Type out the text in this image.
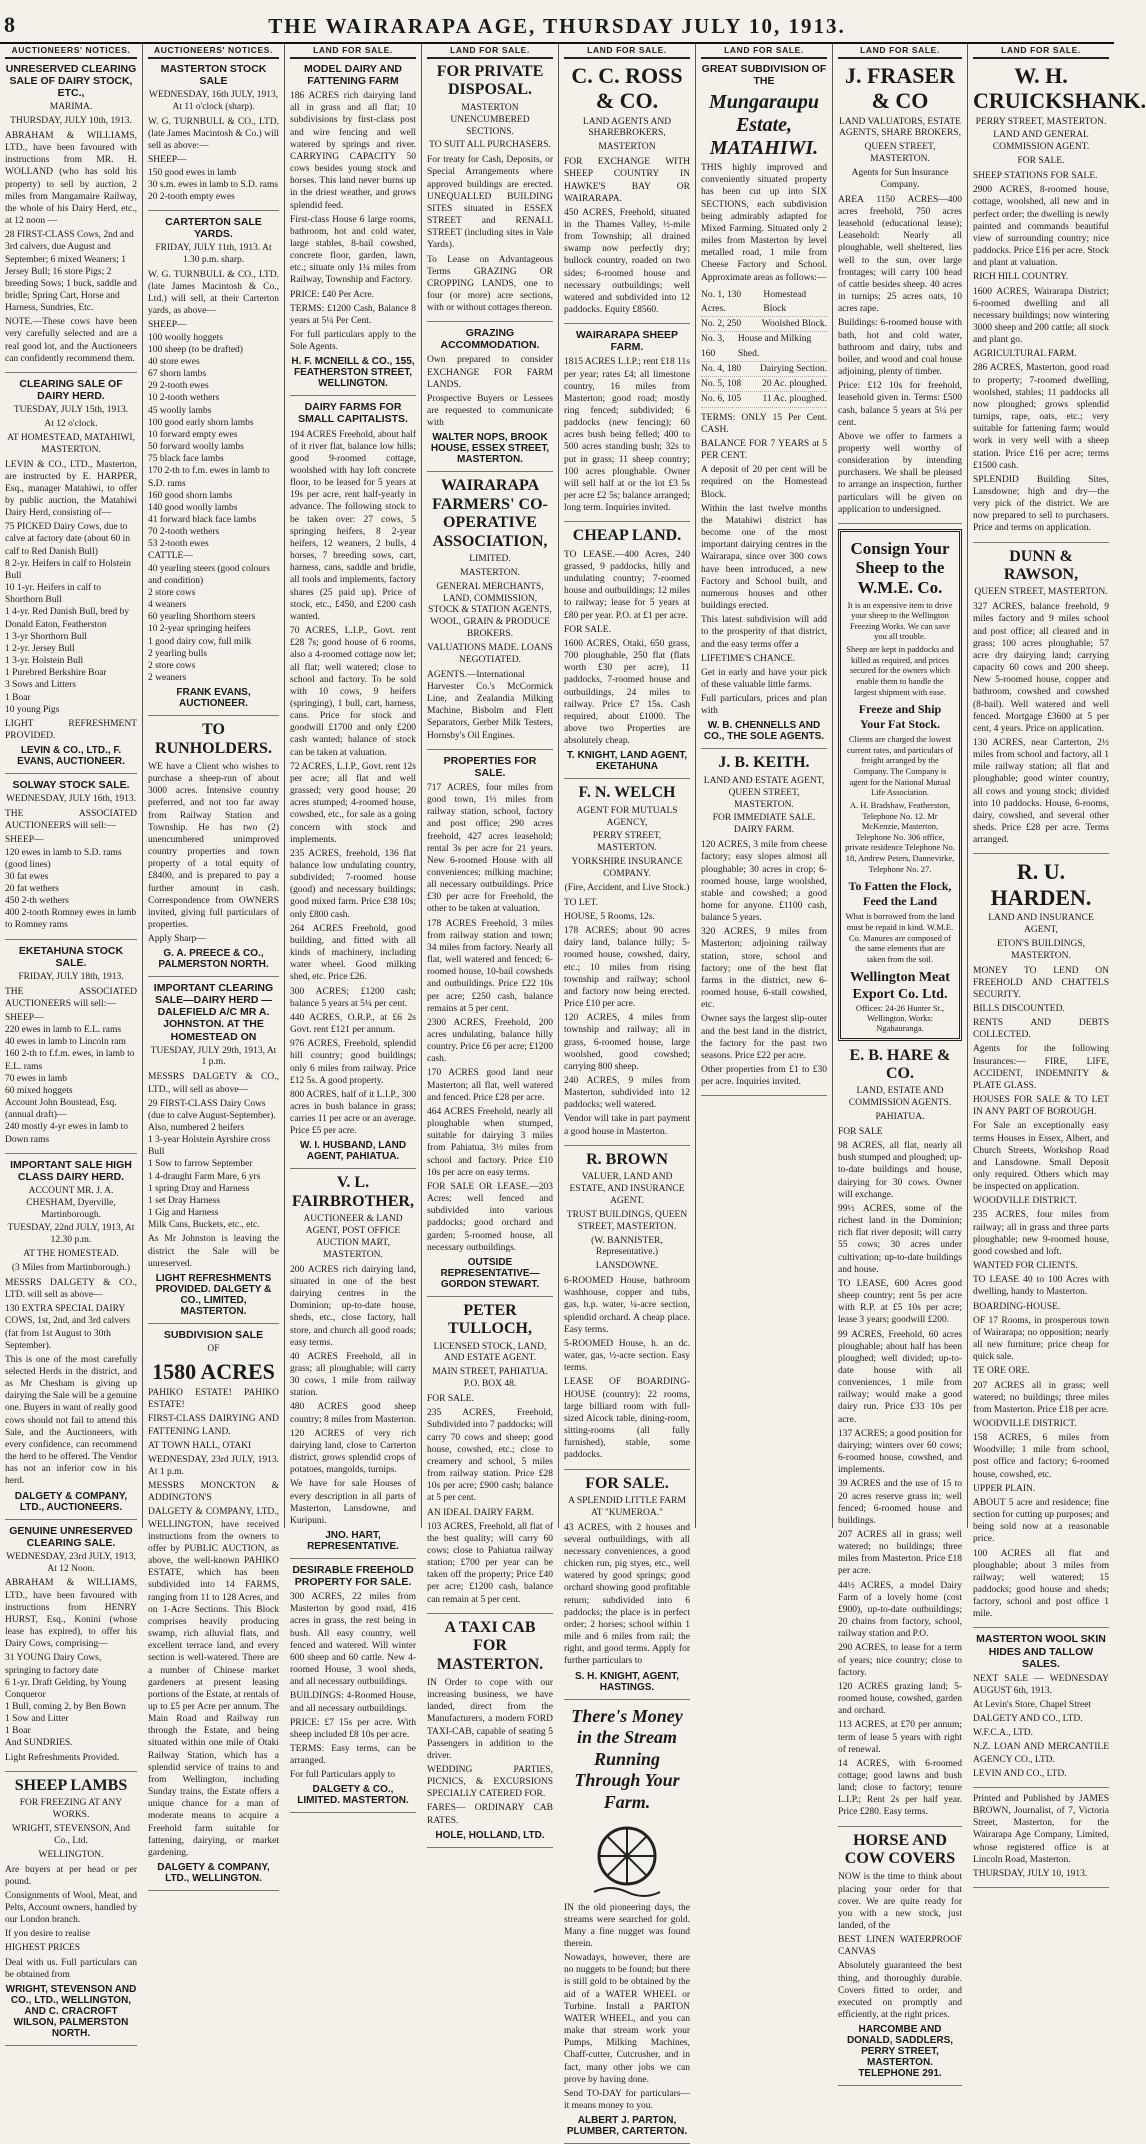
8	THE WAIRARAPA AGE, THURSDAY JULY 10, 1913.
AUCTIONEERS' NOTICES.
UNRESERVED CLEARING SALE OF DAIRY STOCK, ETC.,
MARIMA.
THURSDAY, JULY 10th, 1913.
ABRAHAM & WILLIAMS, LTD., have been favoured with instructions from MR. H. WOLLAND (who has sold his property) to sell by auction, 2 miles from Mangamaire Railway, the whole of his Dairy Herd, etc., at 12 noon —
28 FIRST-CLASS Cows, 2nd and 3rd calvers, due August and September; 6 mixed Weaners; 1 Jersey Bull; 16 store Pigs; 2 breeding Sows; 1 buck, saddle and bridle; Spring Cart, Horse and Harness, Sundries, Etc.
NOTE.—These cows have been very carefully selected and are a real good lot, and the Auctioneers can confidently recommend them.
CLEARING SALE OF DAIRY HERD.
TUESDAY, JULY 15th, 1913.
At 12 o'clock.
AT HOMESTEAD, MATAHIWI, MASTERTON.
LEVIN & CO., LTD., Masterton, are instructed by E. HARPER, Esq., manager Matahiwi, to offer by public auction, the Matahiwi Dairy Herd, consisting of—
75 PICKED Dairy Cows, due to calve at factory date (about 60 in calf to Red Danish Bull)
8 2-yr. Heifers in calf to Holstein Bull
10 1-yr. Heifers in calf to Shorthorn Bull
1 4-yr. Red Danish Bull, bred by Donald Eaton, Featherston
1 3-yr Shorthorn Bull
1 2-yr. Jersey Bull
1 3-yr. Holstein Bull
1 Purebred Berkshire Boar
3 Sows and Litters
1 Boar
10 young Pigs
LIGHT REFRESHMENT PROVIDED.
LEVIN & CO., LTD., F. EVANS, AUCTIONEER.
SOLWAY STOCK SALE.
WEDNESDAY, JULY 16th, 1913.
THE ASSOCIATED AUCTIONEERS will sell:—
SHEEP—
120 ewes in lamb to S.D. rams (good lines)
30 fat ewes
20 fat wethers
450 2-th wethers
400 2-tooth Romney ewes in lamb to Romney rams
EKETAHUNA STOCK SALE.
FRIDAY, JULY 18th, 1913.
THE ASSOCIATED AUCTIONEERS will sell:—
SHEEP—
220 ewes in lamb to E.L. rams
40 ewes in lamb to Lincoln ram
160 2-th to f.f.m. ewes, in lamb to E.L. rams
70 ewes in lamb
60 mixed hoggets
Account John Boustead, Esq. (annual draft)—
240 mostly 4-yr ewes in lamb to Down rams
IMPORTANT SALE HIGH CLASS DAIRY HERD.
ACCOUNT MR. J. A. CHESHAM, Dyerville, Martinborough.
TUESDAY, 22nd JULY, 1913, At 12.30 p.m.
AT THE HOMESTEAD.
(3 Miles from Martinborough.)
MESSRS DALGETY & CO., LTD. will sell as above—
130 EXTRA SPECIAL DAIRY COWS, 1st, 2nd, and 3rd calvers (fat from 1st August to 30th September).
This is one of the most carefully selected Herds in the district, and as Mr Chesham is giving up dairying the Sale will be a genuine one. Buyers in want of really good cows should not fail to attend this Sale, and the Auctioneers, with every confidence, can recommend the herd to be offered. The Vendor has not an inferior cow in his herd.
DALGETY & COMPANY, LTD., AUCTIONEERS.
GENUINE UNRESERVED CLEARING SALE.
WEDNESDAY, 23rd JULY, 1913, At 12 Noon.
ABRAHAM & WILLIAMS, LTD., have been favoured with instructions from HENRY HURST, Esq., Konini (whose lease has expired), to offer his Dairy Cows, comprising—
31 YOUNG Dairy Cows, springing to factory date
6 1-yr. Draft Gelding, by Young Conqueror
1 Bull, coming 2, by Ben Bown
1 Sow and Litter
1 Boar
And SUNDRIES.
Light Refreshments Provided.
SHEEP LAMBS
FOR FREEZING AT ANY WORKS.
WRIGHT, STEVENSON, And Co., Ltd.
WELLINGTON.
Are buyers at per head or per pound.
Consignments of Wool, Meat, and Pelts, Account owners, handled by our London branch.
If you desire to realise
HIGHEST PRICES
Deal with us. Full particulars can be obtained from
WRIGHT, STEVENSON AND CO., LTD., WELLINGTON, AND C. CRACROFT WILSON, PALMERSTON NORTH.
AUCTIONEERS' NOTICES.
MASTERTON STOCK SALE
WEDNESDAY, 16th JULY, 1913, At 11 o'clock (sharp).
W. G. TURNBULL & CO., LTD. (late James Macintosh & Co.) will sell as above:—
SHEEP—
150 good ewes in lamb
30 s.m. ewes in lamb to S.D. rams
20 2-tooth empty ewes
CARTERTON SALE YARDS.
FRIDAY, JULY 11th, 1913. At 1.30 p.m. sharp.
W. G. TURNBULL & CO., LTD. (late James Macintosh & Co., Ltd.) will sell, at their Carterton yards, as above—
SHEEP—
100 woolly hoggets
100 sheep (to be drafted)
40 store ewes
67 shorn lambs
29 2-tooth ewes
10 2-tooth wethers
45 woolly lambs
100 good early shorn lambs
10 forward empty ewes
50 forward woolly lambs
75 black face lambs
170 2-th to f.m. ewes in lamb to S.D. rams
160 good shorn lambs
140 good woolly lambs
41 forward black face lambs
70 2-tooth wethers
53 2-tooth ewes
CATTLE—
40 yearling steers (good colours and condition)
2 store cows
4 weaners
60 yearling Shorthorn steers
10 2-year springing heifers
1 good dairy cow, full milk
2 yearling bulls
2 store cows
2 weaners
FRANK EVANS, AUCTIONEER.
TO RUNHOLDERS.
WE have a Client who wishes to purchase a sheep-run of about 3000 acres. Intensive country preferred, and not too far away from Railway Station and Township. He has two (2) unencumbered unimproved country properties and town property of a total equity of £8400, and is prepared to pay a further amount in cash. Correspondence from OWNERS invited, giving full particulars of properties.
Apply Sharp—
G. A. PREECE & CO., PALMERSTON NORTH.
IMPORTANT CLEARING SALE—DAIRY HERD — DALEFIELD A/C MR A. JOHNSTON. AT THE HOMESTEAD ON
TUESDAY, JULY 29th, 1913, At 1 p.m.
MESSRS DALGETY & CO., LTD., will sell as above—
29 FIRST-CLASS Dairy Cows (due to calve August-September). Also, numbered 2 heifers
1 3-year Holstein Ayrshire cross Bull
1 Sow to farrow September
1 4-draught Farm Mare, 6 yrs
1 spring Dray and Harness
1 set Dray Harness
1 Gig and Harness
Milk Cans, Buckets, etc., etc.
As Mr Johnston is leaving the district the Sale will be unreserved.
LIGHT REFRESHMENTS PROVIDED. DALGETY & CO., LIMITED, MASTERTON.
SUBDIVISION SALE
OF
1580 ACRES
PAHIKO ESTATE! PAHIKO ESTATE!
FIRST-CLASS DAIRYING AND FATTENING LAND.
AT TOWN HALL, OTAKI
WEDNESDAY, 23rd JULY, 1913. At 1 p.m.
MESSRS MONCKTON & ADDINGTON'S
DALGETY & COMPANY, LTD., WELLINGTON, have received instructions from the owners to offer by PUBLIC AUCTION, as above, the well-known PAHIKO ESTATE, which has been subdivided into 14 FARMS, ranging from 11 to 128 Acres, and on 1-Acre Sections. This Block comprises heavily producing swamp, rich alluvial flats, and excellent terrace land, and every section is well-watered. There are a number of Chinese market gardeners at present leasing portions of the Estate, at rentals of up to £5 per Acre per annum. The Main Road and Railway run through the Estate, and being situated within one mile of Otaki Railway Station, which has a splendid service of trains to and from Wellington, including Sunday trains, the Estate offers a unique chance for a man of moderate means to acquire a Freehold farm suitable for fattening, dairying, or market gardening.
DALGETY & COMPANY, LTD., WELLINGTON.
LAND FOR SALE.
MODEL DAIRY AND FATTENING FARM
186 ACRES rich dairying land all in grass and all flat; 10 subdivisions by first-class post and wire fencing and well watered by springs and river. CARRYING CAPACITY 50 cows besides young stock and horses. This land never burns up in the driest weather, and grows splendid feed.
First-class House 6 large rooms, bathroom, hot and cold water, large stables, 8-bail cowshed, concrete floor, garden, lawn, etc.; situate only 1¼ miles from Railway, Township and Factory.
PRICE: £40 Per Acre.
TERMS: £1200 Cash, Balance 8 years at 5¼ Per Cent.
For full particulars apply to the Sole Agents.
H. F. MCNEILL & CO., 155, FEATHERSTON STREET, WELLINGTON.
DAIRY FARMS FOR SMALL CAPITALISTS.
194 ACRES Freehold, about half of it river flat, balance low hills; good 9-roomed cottage, woolshed with hay loft concrete floor, to be leased for 5 years at 19s per acre, rent half-yearly in advance. The following stock to be taken over: 27 cows, 5 springing heifers, 8 2-year heifers, 12 weaners, 2 bulls, 4 horses, 7 breeding sows, cart, harness, cans, saddle and bridle, all tools and implements, factory shares (25 paid up). Price of stock, etc., £450, and £200 cash wanted.
70 ACRES, L.I.P., Govt. rent £28 7s; good house of 6 rooms, also a 4-roomed cottage now let; all flat; well watered; close to school and factory. To be sold with 10 cows, 9 heifers (springing), 1 bull, cart, harness, cans. Price for stock and goodwill £1700 and only £200 cash wanted; balance of stock can be taken at valuation.
72 ACRES, L.I.P., Govt. rent 12s per acre; all flat and well grassed; very good house; 20 acres stumped; 4-roomed house, cowshed, etc., for sale as a going concern with stock and implements.
235 ACRES, freehold, 136 flat balance low undulating country, subdivided; 7-roomed house (good) and necessary buildings; good mixed farm. Price £38 10s; only £800 cash.
264 ACRES Freehold, good building, and fitted with all kinds of machinery, including water wheel. Good milking shed, etc. Price £26.
300 ACRES; £1200 cash; balance 5 years at 5¼ per cent.
440 ACRES, O.R.P., at £6 2s Govt. rent £121 per annum.
976 ACRES, Freehold, splendid hill country; good buildings; only 6 miles from railway. Price £12 5s. A good property.
800 ACRES, half of it L.I.P., 300 acres in bush balance in grass; carries 11 per acre or an average. Price £5 per acre.
W. I. HUSBAND, LAND AGENT, PAHIATUA.
V. L. FAIRBROTHER,
AUCTIONEER & LAND AGENT, POST OFFICE AUCTION MART, MASTERTON.
200 ACRES rich dairying land, situated in one of the best dairying centres in the Dominion; up-to-date house, sheds, etc., close factory, hall store, and church all good roads; easy terms.
40 ACRES Freehold, all in grass; all ploughable; will carry 30 cows, 1 mile from railway station.
480 ACRES good sheep country; 8 miles from Masterton.
120 ACRES of very rich dairying land, close to Carterton district, grows splendid crops of potatoes, mangolds, turnips.
We have for sale Houses of every description in all parts of Masterton, Lansdowne, and Kuripuni.
JNO. HART, REPRESENTATIVE.
DESIRABLE FREEHOLD PROPERTY FOR SALE.
300 ACRES, 22 miles from Masterton by good road, 416 acres in grass, the rest being in bush. All easy country, well fenced and watered. Will winter 600 sheep and 60 cattle. New 4-roomed House, 3 wool sheds, and all necessary outbuildings.
BUILDINGS: 4-Roomed House, and all necessary outbuildings.
PRICE: £7 15s per acre. With sheep included £8 10s per acre.
TERMS: Easy terms, can be arranged.
For full Particulars apply to
DALGETY & CO., LIMITED. MASTERTON.
LAND FOR SALE.
FOR PRIVATE DISPOSAL.
MASTERTON UNENCUMBERED SECTIONS.
TO SUIT ALL PURCHASERS.
For treaty for Cash, Deposits, or Special Arrangements where approved buildings are erected. UNEQUALLED BUILDING SITES situated in ESSEX STREET and RENALL STREET (including sites in Vale Yards).
To Lease on Advantageous Terms GRAZING OR CROPPING LANDS, one to four (or more) acre sections, with or without cottages thereon.
GRAZING ACCOMMODATION.
Own prepared to consider EXCHANGE FOR FARM LANDS.
Prospective Buyers or Lessees are requested to communicate with
WALTER NOPS, BROOK HOUSE, ESSEX STREET, MASTERTON.
WAIRARAPA FARMERS' CO-OPERATIVE ASSOCIATION,
LIMITED.
MASTERTON.
GENERAL MERCHANTS, LAND, COMMISSION, STOCK & STATION AGENTS, WOOL, GRAIN & PRODUCE BROKERS.
VALUATIONS MADE. LOANS NEGOTIATED.
AGENTS.—International Harvester Co.'s McCormick Line, and Zealandia Milking Machine, Bisbolm and Flett Separators, Gerber Milk Testers, Hornsby's Oil Engines.
PROPERTIES FOR SALE.
717 ACRES, four miles from good town, 1½ miles from railway station, school, factory and post office; 290 acres freehold, 427 acres leasehold; rental 3s per acre for 21 years. New 6-roomed House with all conveniences; milking machine; all necessary outbuildings. Price £30 per acre for Freehold, the other to be taken at valuation.
178 ACRES Freehold, 3 miles from railway station and town; 34 miles from factory. Nearly all flat, well watered and fenced; 6-roomed house, 10-bail cowsheds and outbuildings. Price £22 10s per acre; £250 cash, balance remains at 5 per cent.
2300 ACRES, Freehold, 200 acres undulating, balance hilly country. Price £6 per acre; £1200 cash.
170 ACRES good land near Masterton; all flat, well watered and fenced. Price £28 per acre.
464 ACRES Freehold, nearly all ploughable when stumped, suitable for dairying 3 miles from Pahiatua, 3½ miles from school and factory. Price £10 10s per acre on easy terms.
FOR SALE OR LEASE.—203 Acres; well fenced and subdivided into various paddocks; good orchard and garden; 5-roomed house, all necessary outbuildings.
OUTSIDE REPRESENTATIVE— GORDON STEWART.
PETER TULLOCH,
LICENSED STOCK, LAND, AND ESTATE AGENT.
MAIN STREET, PAHIATUA. P.O. BOX 48.
FOR SALE.
235 ACRES, Freehold, Subdivided into 7 paddocks; will carry 70 cows and sheep; good house, cowshed, etc.; close to creamery and school, 5 miles from railway station. Price £28 10s per acre; £900 cash; balance at 5 per cent.
AN IDEAL DAIRY FARM.
103 ACRES, Freehold, all flat of the best quality; will carry 60 cows; close to Pahiatua railway station; £700 per year can be taken off the property; Price £40 per acre; £1200 cash, balance can remain at 5 per cent.
A TAXI CAB FOR MASTERTON.
IN Order to cope with our increasing business, we have landed, direct from the Manufacturers, a modern FORD TAXI-CAB, capable of seating 5 Passengers in addition to the driver.
WEDDING PARTIES, PICNICS, & EXCURSIONS SPECIALLY CATERED FOR.
FARES— ORDINARY CAB RATES.
HOLE, HOLLAND, LTD.
LAND FOR SALE.
C. C. ROSS & CO.
LAND AGENTS AND SHAREBROKERS,
MASTERTON
FOR EXCHANGE WITH SHEEP COUNTRY IN HAWKE'S BAY OR WAIRARAPA.
450 ACRES, Freehold, situated in the Thames Valley, ½-mile from Township; all drained swamp now perfectly dry; bullock country, roaded on two sides; 6-roomed house and necessary outbuildings; well watered and subdivided into 12 paddocks. Equity £8560.
WAIRARAPA SHEEP FARM.
1815 ACRES L.I.P.; rent £18 11s per year; rates £4; all limestone country, 16 miles from Masterton; good road; mostly ring fenced; subdivided; 6 paddocks (new fencing); 60 acres bush being felled; 400 to 500 acres standing bush; 32s to put in grass; 11 sheep country; 100 acres ploughable. Owner will sell half at or the lot £3 5s per acre £2 5s; balance arranged; long term. Inquiries invited.
CHEAP LAND.
TO LEASE.—400 Acres, 240 grassed, 9 paddocks, hilly and undulating country; 7-roomed house and outbuildings; 12 miles to railway; lease for 5 years at £80 per year. P.O. at £1 per acre.
FOR SALE.
1600 ACRES, Otaki, 650 grass, 700 ploughable, 250 flat (flats worth £30 per acre), 11 paddocks, 7-roomed house and outbuildings, 24 miles to railway. Price £7 15s. Cash required, about £1000. The above two Properties are absolutely cheap.
T. KNIGHT, LAND AGENT, EKETAHUNA
F. N. WELCH
AGENT FOR MUTUALS AGENCY,
PERRY STREET, MASTERTON.
YORKSHIRE INSURANCE COMPANY.
(Fire, Accident, and Live Stock.)
TO LET.
HOUSE, 5 Rooms, 12s.
178 ACRES; about 90 acres dairy land, balance hilly; 5-roomed house, cowshed, dairy, etc.; 10 miles from rising township and railway; school and factory now being erected. Price £10 per acre.
120 ACRES, 4 miles from township and railway; all in grass, 6-roomed house, large woolshed, good cowshed; carrying 800 sheep.
240 ACRES, 9 miles from Masterton, subdivided into 12 paddocks; well watered.
Vendor will take in part payment a good house in Masterton.
R. BROWN
VALUER, LAND AND ESTATE, AND INSURANCE AGENT.
TRUST BUILDINGS, QUEEN STREET, MASTERTON.
(W. BANNISTER, Representative.)
LANSDOWNE.
6-ROOMED House, bathroom washhouse, copper and tubs, gas, h.p. water, ¼-acre section, splendid orchard. A cheap place. Easy terms.
5-ROOMED House, h. an dc. water, gas, ½-acre section. Easy terms.
LEASE OF BOARDING-HOUSE (country): 22 rooms, large billiard room with full-sized Alcock table, dining-room, sitting-rooms (all fully furnished), stable, some paddocks.
FOR SALE.
A SPLENDID LITTLE FARM AT "KUMEROA."
43 ACRES, with 2 houses and several outbuildings, with all necessary conveniences, a good chicken run, pig styes, etc., well watered by good springs; good orchard showing good profitable return; subdivided into 6 paddocks; the place is in perfect order; 2 horses; school within 1 mile and 6 miles from rail; the right, and good terms. Apply for further particulars to
S. H. KNIGHT, AGENT, HASTINGS.
There's Money in the Stream Running Through Your Farm.
IN the old pioneering days, the streams were searched for gold. Many a fine nugget was found therein.
Nowadays, however, there are no nuggets to be found; but there is still gold to be obtained by the aid of a WATER WHEEL or Turbine. Install a PARTON WATER WHEEL, and you can make that stream work your Pumps, Milking Machines, Chaff-cutter, Cutcrusher, and in fact, many other jobs we can prove by having done.
Send TO-DAY for particulars—it means money to you.
ALBERT J. PARTON, PLUMBER, CARTERTON.
LAND FOR SALE.
GREAT SUBDIVISION OF THE
Mungaraupu Estate, MATAHIWI.
THIS highly improved and conveniently situated property has been cut up into SIX SECTIONS, each subdivision being admirably adapted for Mixed Farming. Situated only 2 miles from Masterton by level metalled road, 1 mile from Cheese Factory and School. Approximate areas as follows:—
No. 1, 130 Acres.
Homestead Block
No. 2, 250 Woolshed Block.
No. 3, 160
House and Milking Shed.
No. 4, 180 Dairying Section.
No. 5, 108 20 Ac. ploughed.
No. 6, 105 11 Ac. ploughed.
TERMS: ONLY 15 Per Cent. CASH.
BALANCE FOR 7 YEARS at 5 PER CENT.
A deposit of 20 per cent will be required on the Homestead Block.
Within the last twelve months the Matahiwi district has become one of the most important dairying centres in the Wairarapa, since over 300 cows have been introduced, a new Factory and School built, and numerous houses and other buildings erected.
This latest subdivision will add to the prosperity of that district, and the easy terms offer a
LIFETIME'S CHANCE.
Get in early and have your pick of these valuable little farms.
Full particulars, prices and plan with
W. B. CHENNELLS AND CO., THE SOLE AGENTS.
J. B. KEITH.
LAND AND ESTATE AGENT, QUEEN STREET, MASTERTON.
FOR IMMEDIATE SALE. DAIRY FARM.
120 ACRES, 3 mile from cheese factory; easy slopes almost all ploughable; 30 acres in crop; 6-roomed house, large woolshed, stable and cowshed; a good home for anyone. £1100 cash, balance 5 years.
320 ACRES, 9 miles from Masterton; adjoining railway station, store, school and factory; one of the best flat farms in the district, new 6-roomed house, 6-stall cowshed, etc.
Owner says the largest slip-outer and the best land in the district, the factory for the past two seasons. Price £22 per acre.
Other properties from £1 to £30 per acre. Inquiries invited.
LAND FOR SALE.
J. FRASER & CO
LAND VALUATORS, ESTATE AGENTS, SHARE BROKERS,
QUEEN STREET, MASTERTON.
Agents for Sun Insurance Company.
AREA 1150 ACRES—400 acres freehold, 750 acres leasehold (educational lease); Leasehold: Nearly all ploughable, well sheltered, lies well to the sun, over large frontages; will carry 100 head of cattle besides sheep. 40 acres in turnips; 25 acres oats, 10 acres rape.
Buildings: 6-roomed house with bath, hot and cold water, bathroom and dairy, tubs and boiler, and wood and coal house adjoining, plenty of timber.
Price: £12 10s for freehold, leasehold given in. Terms: £500 cash, balance 5 years at 5¼ per cent.
Above we offer to farmers a property well worthy of consideration by intending purchasers. We shall be pleased to arrange an inspection, further particulars will be given on application to undersigned.
Consign Your Sheep to the W.M.E. Co.
It is an expensive item to drive your sheep to the Wellington Freezing Works. We can save you all trouble.
Sheep are kept in paddocks and killed as required, and prices secured for the owners which enable them to handle the largest shipment with ease.
Freeze and Ship Your Fat Stock.
Clients are charged the lowest current rates, and particulars of freight arranged by the Company. The Company is agent for the National Mutual Life Association.
A. H. Bradshaw, Featherston, Telephone No. 12. Mr McKenzie, Masterton, Telephone No. 306 office, private residence Telephone No. 18, Andrew Peters, Dannevirke, Telephone No. 27.
To Fatten the Flock, Feed the Land
What is borrowed from the land must be repaid in kind. W.M.E. Co. Manures are composed of the same elements that are taken from the soil.
Wellington Meat Export Co. Ltd.
Offices: 24-26 Hunter St., Wellington. Works: Ngahauranga.
E. B. HARE & CO.
LAND, ESTATE AND COMMISSION AGENTS.
PAHIATUA.
FOR SALE
98 ACRES, all flat, nearly all bush stumped and ploughed; up-to-date buildings and house, dairying for 30 cows. Owner will exchange.
99½ ACRES, some of the richest land in the Dominion; rich flat river deposit; will carry 55 cows; 30 acres under cultivation; up-to-date buildings and house.
TO LEASE, 600 Acres good sheep country; rent 5s per acre with R.P. at £5 10s per acre; lease 3 years; goodwill £200.
99 ACRES, Freehold, 60 acres ploughable; about half has been ploughed; well divided; up-to-date house with all conveniences, 1 mile from railway; would make a good dairy run. Price £33 10s per acre.
137 ACRES; a good position for dairying; winters over 60 cows; 6-roomed house, cowshed, and implements.
39 ACRES and the use of 15 to 20 acres reserve grass in; well fenced; 6-roomed house and buildings.
207 ACRES all in grass; well watered; no buildings; three miles from Masterton. Price £18 per acre.
44½ ACRES, a model Dairy Farm of a lovely home (cost £900), up-to-date outbuildings; 20 chains from factory, school, railway station and P.O.
290 ACRES, to lease for a term of years; nice country; close to factory.
120 ACRES grazing land; 5-roomed house, cowshed, garden and orchard.
113 ACRES, at £70 per annum; term of lease 5 years with right of renewal.
14 ACRES, with 6-roomed cottage; good lawns and bush land; close to factory; tenure L.I.P.; Rent 2s per half year. Price £280. Easy terms.
HORSE AND COW COVERS
NOW is the time to think about placing your order for that cover. We are quite ready for you with a new stock, just landed, of the
BEST LINEN WATERPROOF CANVAS
Absolutely guaranteed the best thing, and thoroughly durable. Covers fitted to order, and executed on promptly and efficiently, at the right prices.
HARCOMBE AND DONALD, SADDLERS, PERRY STREET, MASTERTON. TELEPHONE 291.
LAND FOR SALE.
W. H. CRUICKSHANK.
PERRY STREET, MASTERTON.
LAND AND GENERAL COMMISSION AGENT.
FOR SALE.
SHEEP STATIONS FOR SALE.
2900 ACRES, 8-roomed house, cottage, woolshed, all new and in perfect order; the dwelling is newly painted and commands beautiful view of surrounding country; nice paddocks. Price £16 per acre. Stock and plant at valuation.
RICH HILL COUNTRY.
1600 ACRES, Wairarapa District; 6-roomed dwelling and all necessary buildings; now wintering 3000 sheep and 200 cattle; all stock and plant go.
AGRICULTURAL FARM.
286 ACRES, Masterton, good road to property; 7-roomed dwelling, woolshed, stables; 11 paddocks all now ploughed; grows splendid turnips, rape, oats, etc.; very suitable for fattening farm; would work in very well with a sheep station. Price £16 per acre; terms £1500 cash.
SPLENDID Building Sites, Lansdowne; high and dry—the very pick of the district. We are now prepared to sell to purchasers. Price and terms on application.
DUNN & RAWSON,
QUEEN STREET, MASTERTON.
327 ACRES, balance freehold, 9 miles factory and 9 miles school and post office; all cleared and in grass; 100 acres ploughable; 57 acre dry dairying land; carrying capacity 60 cows and 200 sheep. New 5-roomed house, copper and bathroom, cowshed and cowshed (8-bail). Well watered and well fenced. Mortgage £3600 at 5 per cent, 4 years. Price on application.
130 ACRES, near Carterton, 2½ miles from school and factory, all 1 mile railway station; all flat and ploughable; good winter country, all cows and young stock; divided into 10 paddocks. House, 6-rooms, dairy, cowshed, and several other sheds. Price £28 per acre. Terms arranged.
R. U. HARDEN.
LAND AND INSURANCE AGENT,
ETON'S BUILDINGS, MASTERTON.
MONEY TO LEND ON FREEHOLD AND CHATTELS SECURITY.
BILLS DISCOUNTED.
RENTS AND DEBTS COLLECTED.
Agents for the following Insurances:— FIRE, LIFE, ACCIDENT, INDEMNITY & PLATE GLASS.
HOUSES FOR SALE & TO LET IN ANY PART OF BOROUGH.
For Sale an exceptionally easy terms Houses in Essex, Albert, and Church Streets, Workshop Road and Lansdowne. Small Deposit only required. Others which may be inspected on application.
WOODVILLE DISTRICT.
235 ACRES, four miles from railway; all in grass and three parts ploughable; new 9-roomed house, good cowshed and loft.
WANTED FOR CLIENTS.
TO LEASE 40 to 100 Acres with dwelling, handy to Masterton.
BOARDING-HOUSE.
OF 17 Rooms, in prosperous town of Wairarapa; no opposition; nearly all new furniture; price cheap for quick sale.
TE ORE ORE.
207 ACRES all in grass; well watered; no buildings; three miles from Masterton. Price £18 per acre.
WOODVILLE DISTRICT.
158 ACRES, 6 miles from Woodville; 1 mile from school, post office and factory; 6-roomed house, cowshed, etc.
UPPER PLAIN.
ABOUT 5 acre and residence; fine section for cutting up purposes; and being sold now at a reasonable price.
100 ACRES all flat and ploughable; about 3 miles from railway; well watered; 15 paddocks; good house and sheds; factory, school and post office 1 mile.
MASTERTON WOOL SKIN HIDES AND TALLOW SALES.
NEXT SALE — WEDNESDAY AUGUST 6th, 1913.
At Levin's Store, Chapel Street
DALGETY AND CO., LTD.
W.F.C.A., LTD.
N.Z. LOAN AND MERCANTILE AGENCY CO., LTD.
LEVIN AND CO., LTD.
Printed and Published by JAMES BROWN, Journalist, of 7, Victoria Street, Masterton, for the Wairarapa Age Company, Limited, whose registered office is at Lincoln Road, Masterton.
THURSDAY, JULY 10, 1913.
